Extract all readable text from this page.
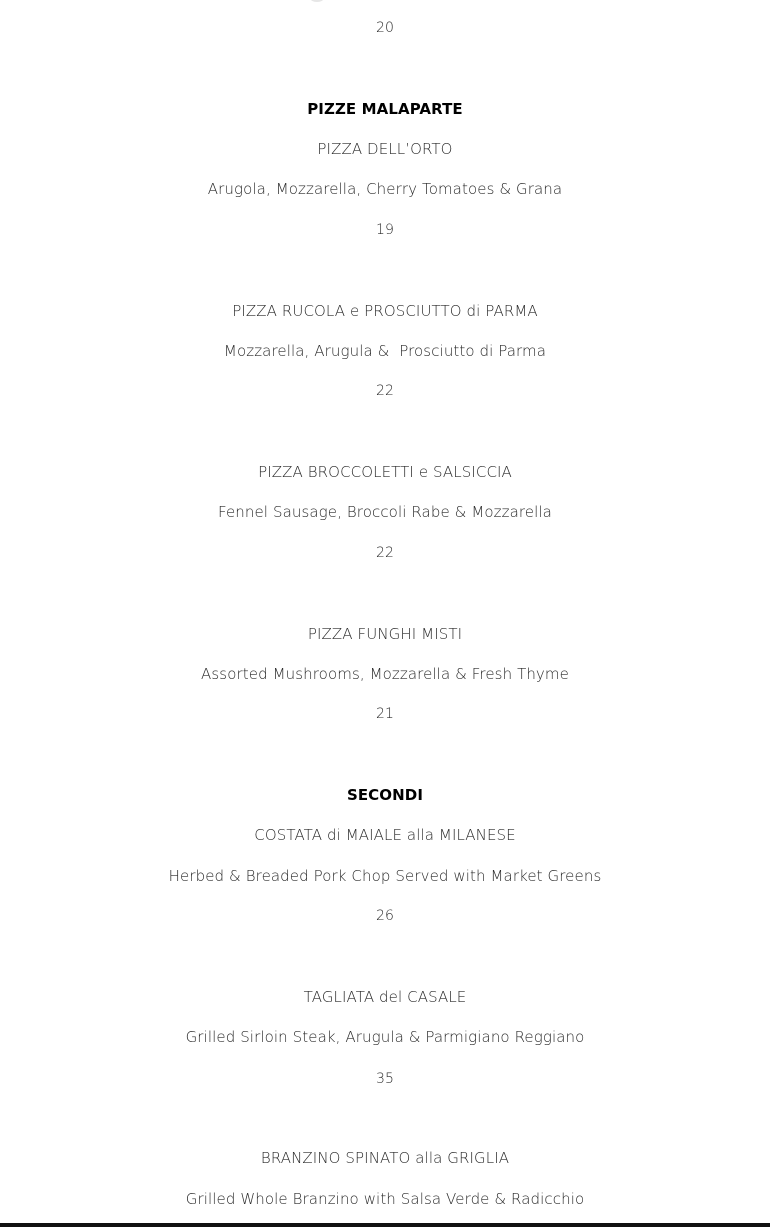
20
PIZZE MALAPARTE
PIZZA DELL’ORTO
Arugola, Mozzarella, Cherry Tomatoes & Grana
19
PIZZA RUCOLA e PROSCIUTTO di PARMA
Mozzarella, Arugula &  Prosciutto di Parma
22
PIZZA BROCCOLETTI e SALSICCIA
Fennel Sausage, Broccoli Rabe & Mozzarella
22
PIZZA FUNGHI MISTI
Assorted Mushrooms, Mozzarella & Fresh Thyme
21
SECONDI
COSTATA di MAIALE alla MILANESE
Herbed & Breaded Pork Chop Served with Market Greens
26
TAGLIATA del CASALE
Grilled Sirloin Steak, Arugula & Parmigiano Reggiano
35
BRANZINO SPINATO alla GRIGLIA
Grilled Whole Branzino with Salsa Verde & Radicchio
